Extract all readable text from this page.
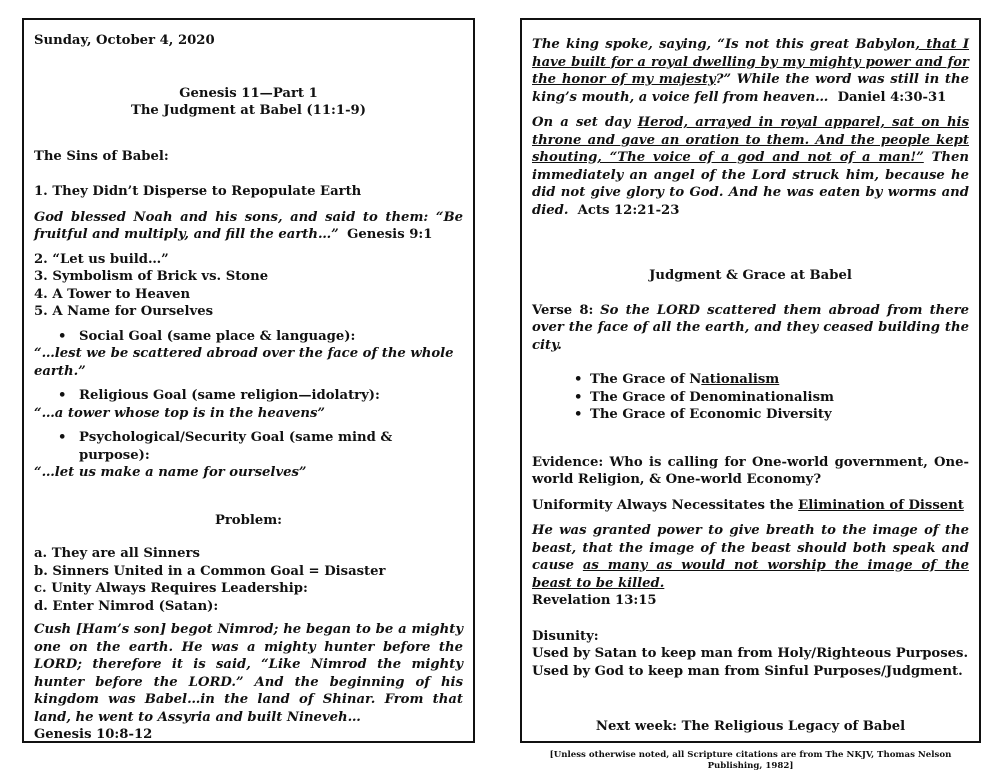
Sunday, October 4, 2020

Genesis 11—Part 1

The Judgment at Babel (11:1-9)

The Sins of Babel:

1. They Didn’t Disperse to Repopulate Earth

God blessed Noah and his sons, and said to them: “Be fruitful and multiply, and fill the earth…” Genesis 9:1

2. “Let us build…”

3. Symbolism of Brick vs. Stone

4. A Tower to Heaven

5. A Name for Ourselves

• Social Goal (same place & language):

“…lest we be scattered abroad over the face of the whole earth.”

• Religious Goal (same religion—idolatry):

“…a tower whose top is in the heavens”

• Psychological/Security Goal (same mind & purpose):

“…let us make a name for ourselves”

Problem:

a. They are all Sinners

b. Sinners United in a Common Goal = Disaster

c. Unity Always Requires Leadership:

d. Enter Nimrod (Satan):

Cush [Ham’s son] begot Nimrod; he began to be a mighty one on the earth. He was a mighty hunter before the LORD; therefore it is said, “Like Nimrod the mighty hunter before the LORD.” And the beginning of his kingdom was Babel…in the land of Shinar. From that land, he went to Assyria and built Nineveh…

Genesis 10:8-12

The king spoke, saying, “Is not this great Babylon, that I have built for a royal dwelling by my mighty power and for the honor of my majesty?” While the word was still in the king’s mouth, a voice fell from heaven… Daniel 4:30-31

On a set day Herod, arrayed in royal apparel, sat on his throne and gave an oration to them. And the people kept shouting, “The voice of a god and not of a man!” Then immediately an angel of the Lord struck him, because he did not give glory to God. And he was eaten by worms and died. Acts 12:21-23

Judgment & Grace at Babel

Verse 8: So the LORD scattered them abroad from there over the face of all the earth, and they ceased building the city.

• The Grace of Nationalism

• The Grace of Denominationalism

• The Grace of Economic Diversity

Evidence: Who is calling for One-world government, One-world Religion, & One-world Economy?

Uniformity Always Necessitates the Elimination of Dissent

He was granted power to give breath to the image of the beast, that the image of the beast should both speak and cause as many as would not worship the image of the beast to be killed.

Revelation 13:15

Disunity:

Used by Satan to keep man from Holy/Righteous Purposes.

Used by God to keep man from Sinful Purposes/Judgment.

Next week: The Religious Legacy of Babel

[Unless otherwise noted, all Scripture citations are from The NKJV, Thomas Nelson Publishing, 1982]
